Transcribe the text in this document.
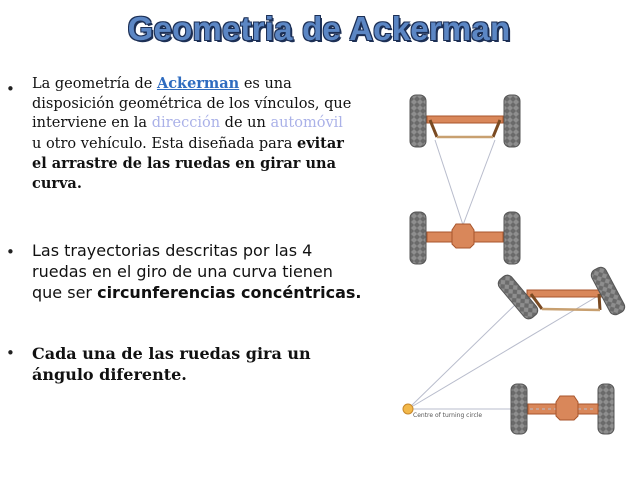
Geometria de Ackerman
• La geometría de Ackerman es una
disposición geométrica de los vínculos, que
interviene en la dirección de un automóvil
u otro vehículo. Esta diseñada para evitar
el arrastre de las ruedas en girar una
curva.
• Las trayectorias descritas por las 4
ruedas en el giro de una curva tienen
que ser circunferencias concéntricas.
• Cada una de las ruedas gira un
ángulo diferente.
Centre of turning circle
